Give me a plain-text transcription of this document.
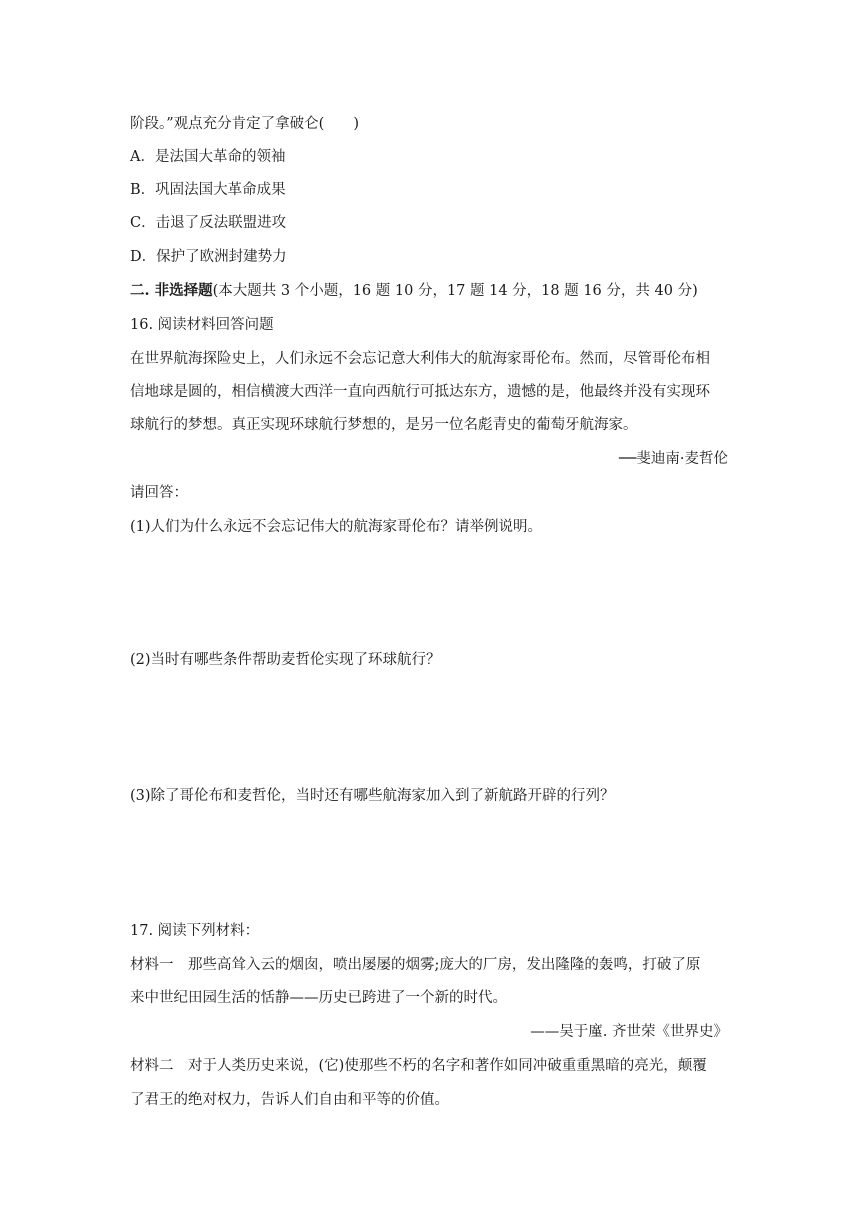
阶段。”观点充分肯定了拿破仑(　　)
A．是法国大革命的领袖
B．巩固法国大革命成果
C．击退了反法联盟进攻
D．保护了欧洲封建势力
二. 非选择题(本大题共 3 个小题，16 题 10 分，17 题 14 分，18 题 16 分，共 40 分)
16. 阅读材料回答问题
在世界航海探险史上，人们永远不会忘记意大利伟大的航海家哥伦布。然而，尽管哥伦布相
信地球是圆的，相信横渡大西洋一直向西航行可抵达东方，遗憾的是，他最终并没有实现环
球航行的梦想。真正实现环球航行梦想的，是另一位名彪青史的葡萄牙航海家。
──斐迪南·麦哲伦
请回答：
(1)人们为什么永远不会忘记伟大的航海家哥伦布？请举例说明。
(2)当时有哪些条件帮助麦哲伦实现了环球航行？
(3)除了哥伦布和麦哲伦，当时还有哪些航海家加入到了新航路开辟的行列？
17. 阅读下列材料：
材料一　那些高耸入云的烟囱，喷出屡屡的烟雾;庞大的厂房，发出隆隆的轰鸣，打破了原
来中世纪田园生活的恬静——历史已跨进了一个新的时代。
——吴于廑. 齐世荣《世界史》
材料二　对于人类历史来说，(它)使那些不朽的名字和著作如同冲破重重黑暗的亮光，颠覆
了君王的绝对权力，告诉人们自由和平等的价值。
